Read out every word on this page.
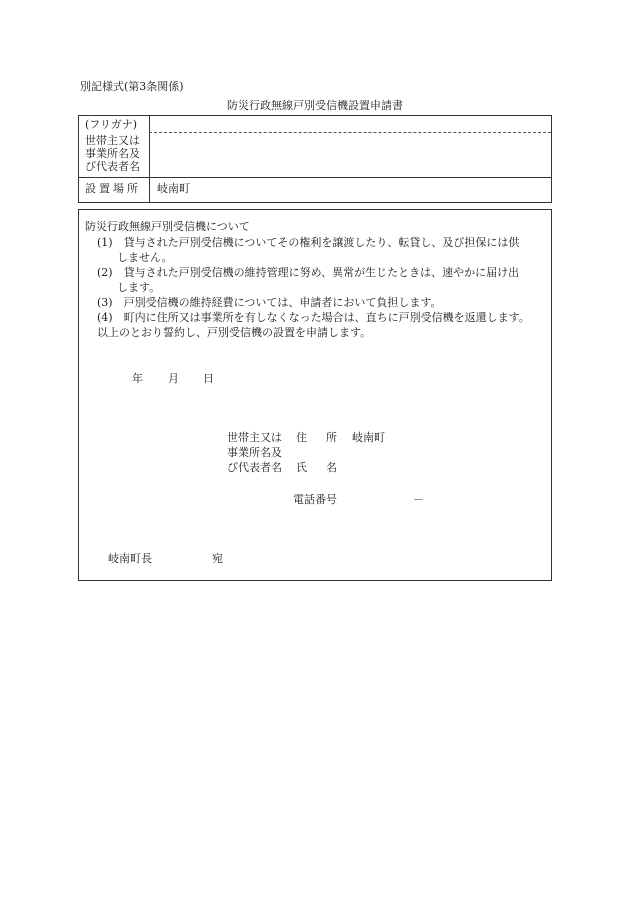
別記様式(第3条関係)
防災行政無線戸別受信機設置申請書
(フリガナ)
世帯主又は
事業所名及
び代表者名
設置場所 岐南町
防災行政無線戸別受信機について
(1)　貸与された戸別受信機についてその権利を譲渡したり、転貸し、及び担保には供
しません。
(2)　貸与された戸別受信機の維持管理に努め、異常が生じたときは、速やかに届け出
します。
(3)　戸別受信機の維持経費については、申請者において負担します。
(4)　町内に住所又は事業所を有しなくなった場合は、直ちに戸別受信機を返還します。
以上のとおり誓約し、戸別受信機の設置を申請します。
年 月 日
世帯主又は
事業所名及
び代表者名
住　所 岐南町
氏　名
電話番号	－
岐南町長	宛
